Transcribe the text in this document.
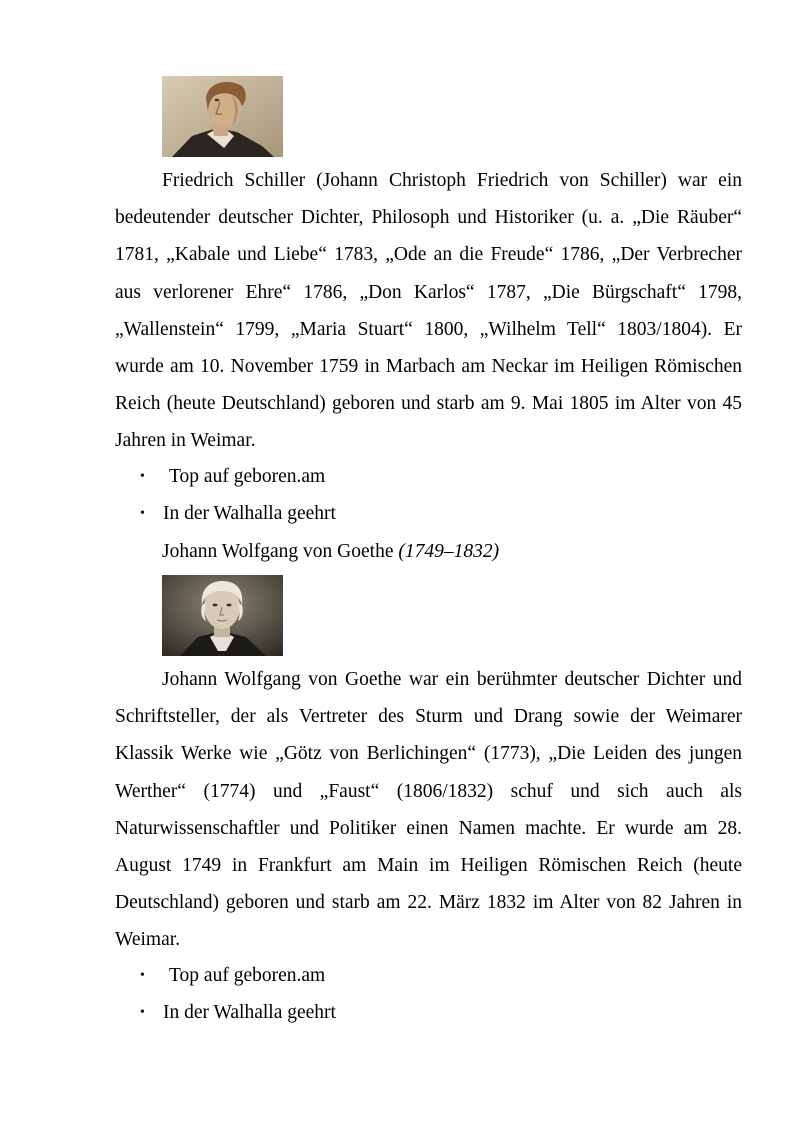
Friedrich Schiller (Johann Christoph Friedrich von Schiller) war ein bedeutender deutscher Dichter, Philosoph und Historiker (u. a. „Die Räuber“ 1781, „Kabale und Liebe“ 1783, „Ode an die Freude“ 1786, „Der Verbrecher aus verlorener Ehre“ 1786, „Don Karlos“ 1787, „Die Bürgschaft“ 1798, „Wallenstein“ 1799, „Maria Stuart“ 1800, „Wilhelm Tell“ 1803/1804). Er wurde am 10. November 1759 in Marbach am Neckar im Heiligen Römischen Reich (heute Deutschland) geboren und starb am 9. Mai 1805 im Alter von 45 Jahren in Weimar.

• Top auf geboren.am
• In der Walhalla geehrt
Johann Wolfgang von Goethe (1749–1832)

Johann Wolfgang von Goethe war ein berühmter deutscher Dichter und Schriftsteller, der als Vertreter des Sturm und Drang sowie der Weimarer Klassik Werke wie „Götz von Berlichingen“ (1773), „Die Leiden des jungen Werther“ (1774) und „Faust“ (1806/1832) schuf und sich auch als Naturwissenschaftler und Politiker einen Namen machte. Er wurde am 28. August 1749 in Frankfurt am Main im Heiligen Römischen Reich (heute Deutschland) geboren und starb am 22. März 1832 im Alter von 82 Jahren in Weimar.

• Top auf geboren.am
• In der Walhalla geehrt
